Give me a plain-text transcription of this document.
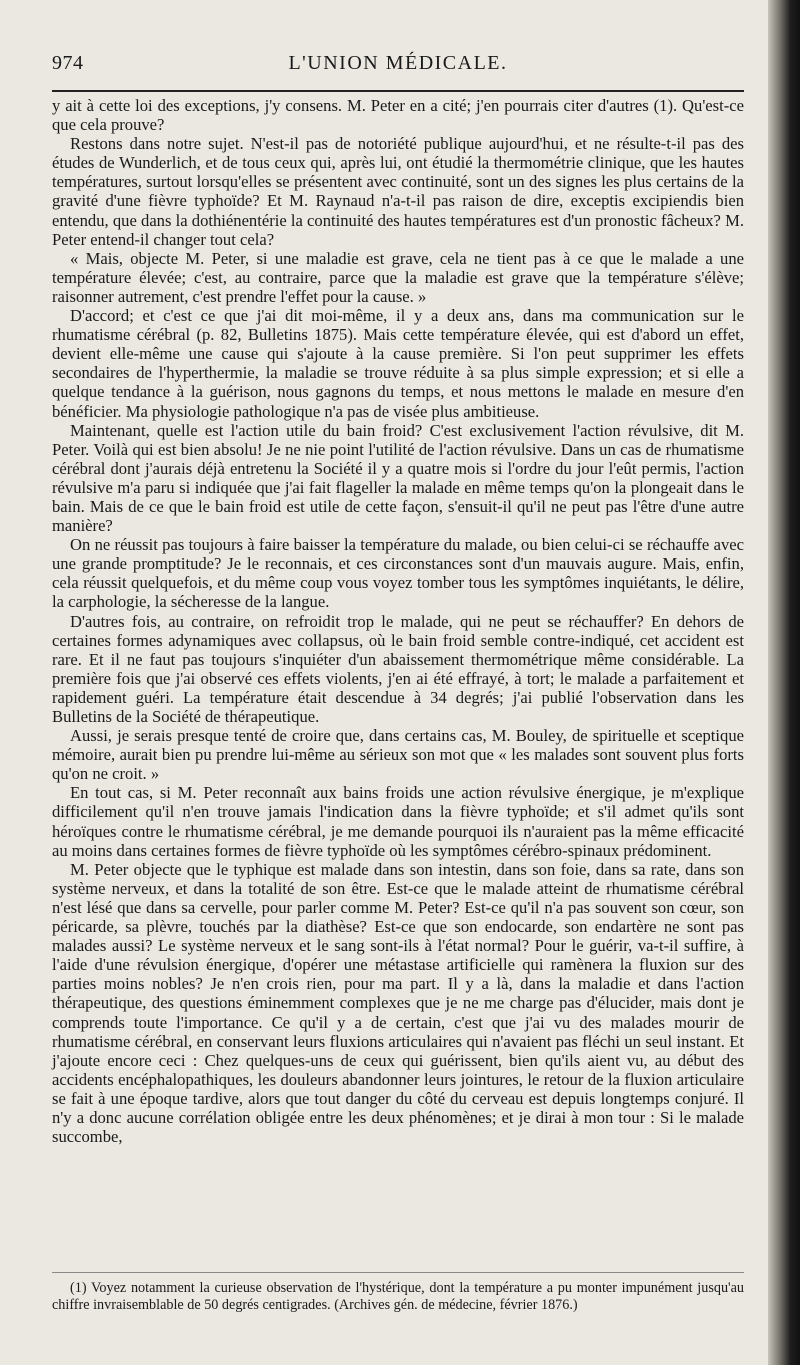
974	L'UNION MÉDICALE.

y ait à cette loi des exceptions, j'y consens. M. Peter en a cité; j'en pourrais citer d'autres (1). Qu'est-ce que cela prouve?

Restons dans notre sujet. N'est-il pas de notoriété publique aujourd'hui, et ne résulte-t-il pas des études de Wunderlich, et de tous ceux qui, après lui, ont étudié la thermométrie clinique, que les hautes températures, surtout lorsqu'elles se présentent avec continuité, sont un des signes les plus certains de la gravité d'une fièvre typhoïde? Et M. Raynaud n'a-t-il pas raison de dire, exceptis excipiendis bien entendu, que dans la dothiénentérie la continuité des hautes températures est d'un pronostic fâcheux? M. Peter entend-il changer tout cela?

« Mais, objecte M. Peter, si une maladie est grave, cela ne tient pas à ce que le malade a une température élevée; c'est, au contraire, parce que la maladie est grave que la température s'élève; raisonner autrement, c'est prendre l'effet pour la cause. »

D'accord; et c'est ce que j'ai dit moi-même, il y a deux ans, dans ma communication sur le rhumatisme cérébral (p. 82, Bulletins 1875). Mais cette température élevée, qui est d'abord un effet, devient elle-même une cause qui s'ajoute à la cause première. Si l'on peut supprimer les effets secondaires de l'hyperthermie, la maladie se trouve réduite à sa plus simple expression; et si elle a quelque tendance à la guérison, nous gagnons du temps, et nous mettons le malade en mesure d'en bénéficier. Ma physiologie pathologique n'a pas de visée plus ambitieuse.

Maintenant, quelle est l'action utile du bain froid? C'est exclusivement l'action révulsive, dit M. Peter. Voilà qui est bien absolu! Je ne nie point l'utilité de l'action révulsive. Dans un cas de rhumatisme cérébral dont j'aurais déjà entretenu la Société il y a quatre mois si l'ordre du jour l'eût permis, l'action révulsive m'a paru si indiquée que j'ai fait flageller la malade en même temps qu'on la plongeait dans le bain. Mais de ce que le bain froid est utile de cette façon, s'ensuit-il qu'il ne peut pas l'être d'une autre manière?

On ne réussit pas toujours à faire baisser la température du malade, ou bien celui-ci se réchauffe avec une grande promptitude? Je le reconnais, et ces circonstances sont d'un mauvais augure. Mais, enfin, cela réussit quelquefois, et du même coup vous voyez tomber tous les symptômes inquiétants, le délire, la carphologie, la sécheresse de la langue.

D'autres fois, au contraire, on refroidit trop le malade, qui ne peut se réchauffer? En dehors de certaines formes adynamiques avec collapsus, où le bain froid semble contre-indiqué, cet accident est rare. Et il ne faut pas toujours s'inquiéter d'un abaissement thermométrique même considérable. La première fois que j'ai observé ces effets violents, j'en ai été effrayé, à tort; le malade a parfaitement et rapidement guéri. La température était descendue à 34 degrés; j'ai publié l'observation dans les Bulletins de la Société de thérapeutique.

Aussi, je serais presque tenté de croire que, dans certains cas, M. Bouley, de spirituelle et sceptique mémoire, aurait bien pu prendre lui-même au sérieux son mot que « les malades sont souvent plus forts qu'on ne croit. »

En tout cas, si M. Peter reconnaît aux bains froids une action révulsive énergique, je m'explique difficilement qu'il n'en trouve jamais l'indication dans la fièvre typhoïde; et s'il admet qu'ils sont héroïques contre le rhumatisme cérébral, je me demande pourquoi ils n'auraient pas la même efficacité au moins dans certaines formes de fièvre typhoïde où les symptômes cérébro-spinaux prédominent.

M. Peter objecte que le typhique est malade dans son intestin, dans son foie, dans sa rate, dans son système nerveux, et dans la totalité de son être. Est-ce que le malade atteint de rhumatisme cérébral n'est lésé que dans sa cervelle, pour parler comme M. Peter? Est-ce qu'il n'a pas souvent son cœur, son péricarde, sa plèvre, touchés par la diathèse? Est-ce que son endocarde, son endartère ne sont pas malades aussi? Le système nerveux et le sang sont-ils à l'état normal? Pour le guérir, va-t-il suffire, à l'aide d'une révulsion énergique, d'opérer une métastase artificielle qui ramènera la fluxion sur des parties moins nobles? Je n'en crois rien, pour ma part. Il y a là, dans la maladie et dans l'action thérapeutique, des questions éminemment complexes que je ne me charge pas d'élucider, mais dont je comprends toute l'importance. Ce qu'il y a de certain, c'est que j'ai vu des malades mourir de rhumatisme cérébral, en conservant leurs fluxions articulaires qui n'avaient pas fléchi un seul instant. Et j'ajoute encore ceci : Chez quelques-uns de ceux qui guérissent, bien qu'ils aient vu, au début des accidents encéphalopathiques, les douleurs abandonner leurs jointures, le retour de la fluxion articulaire se fait à une époque tardive, alors que tout danger du côté du cerveau est depuis longtemps conjuré. Il n'y a donc aucune corrélation obligée entre les deux phénomènes; et je dirai à mon tour : Si le malade succombe,

(1) Voyez notamment la curieuse observation de l'hystérique, dont la température a pu monter impunément jusqu'au chiffre invraisemblable de 50 degrés centigrades. (Archives gén. de médecine, février 1876.)
